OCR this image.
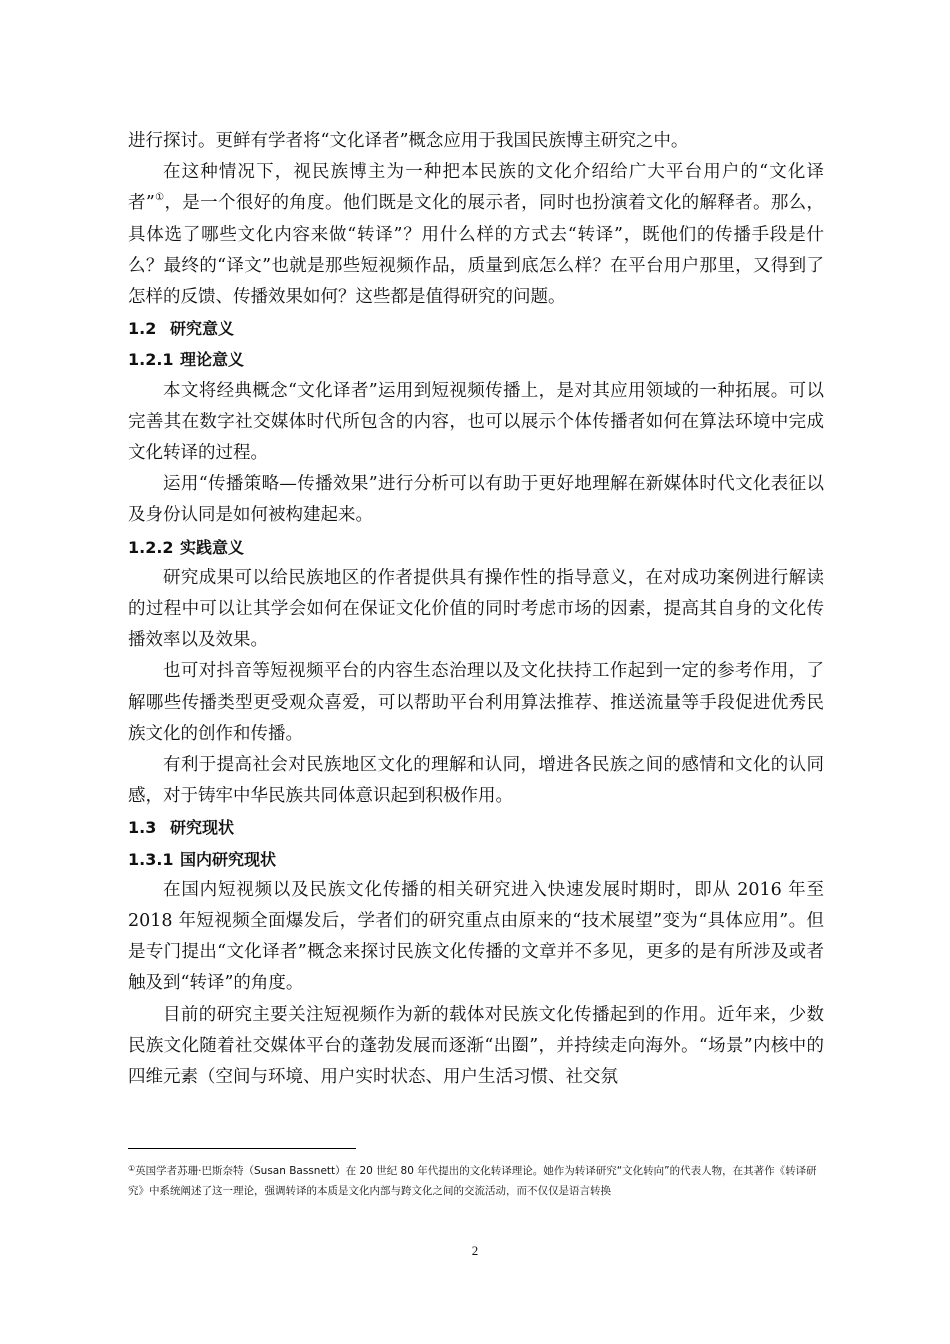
进行探讨。更鲜有学者将“文化译者”概念应用于我国民族博主研究之中。

在这种情况下，视民族博主为一种把本民族的文化介绍给广大平台用户的“文化译者”①，是一个很好的角度。他们既是文化的展示者，同时也扮演着文化的解释者。那么，具体选了哪些文化内容来做“转译”？用什么样的方式去“转译”，既他们的传播手段是什么？最终的“译文”也就是那些短视频作品，质量到底怎么样？在平台用户那里，又得到了怎样的反馈、传播效果如何？这些都是值得研究的问题。

1.2 研究意义

1.2.1 理论意义

本文将经典概念“文化译者”运用到短视频传播上，是对其应用领域的一种拓展。可以完善其在数字社交媒体时代所包含的内容，也可以展示个体传播者如何在算法环境中完成文化转译的过程。

运用“传播策略—传播效果”进行分析可以有助于更好地理解在新媒体时代文化表征以及身份认同是如何被构建起来。

1.2.2 实践意义

研究成果可以给民族地区的作者提供具有操作性的指导意义，在对成功案例进行解读的过程中可以让其学会如何在保证文化价值的同时考虑市场的因素，提高其自身的文化传播效率以及效果。

也可对抖音等短视频平台的内容生态治理以及文化扶持工作起到一定的参考作用，了解哪些传播类型更受观众喜爱，可以帮助平台利用算法推荐、推送流量等手段促进优秀民族文化的创作和传播。

有利于提高社会对民族地区文化的理解和认同，增进各民族之间的感情和文化的认同感，对于铸牢中华民族共同体意识起到积极作用。

1.3 研究现状

1.3.1 国内研究现状

在国内短视频以及民族文化传播的相关研究进入快速发展时期时，即从 2016 年至 2018 年短视频全面爆发后，学者们的研究重点由原来的“技术展望”变为“具体应用”。但是专门提出“文化译者”概念来探讨民族文化传播的文章并不多见，更多的是有所涉及或者触及到“转译”的角度。

目前的研究主要关注短视频作为新的载体对民族文化传播起到的作用。近年来，少数民族文化随着社交媒体平台的蓬勃发展而逐渐“出圈”，并持续走向海外。“场景”内核中的四维元素（空间与环境、用户实时状态、用户生活习惯、社交氛

①英国学者苏珊·巴斯奈特（Susan Bassnett）在 20 世纪 80 年代提出的文化转译理论。她作为转译研究“文化转向”的代表人物，在其著作《转译研究》中系统阐述了这一理论，强调转译的本质是文化内部与跨文化之间的交流活动，而不仅仅是语言转换
2
